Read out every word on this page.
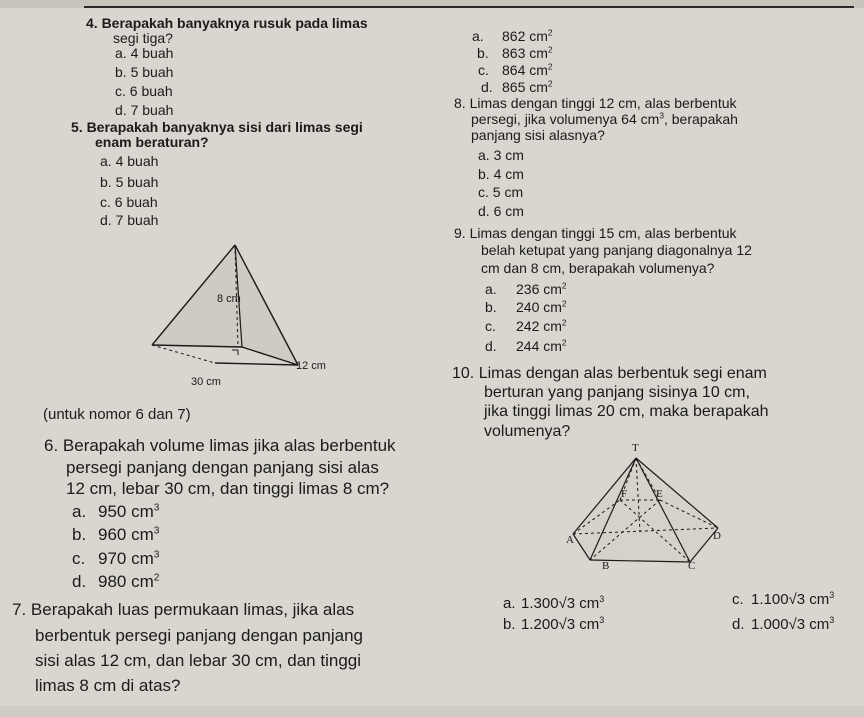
4. Berapakah banyaknya rusuk pada limas
segi tiga?
a. 4 buah
b. 5 buah
c. 6 buah
d. 7 buah
a. 862 $cm^2$
b. 863 $cm^2$
c. 864 $cm^2$
d. 865 $cm^2$
5. Berapakah banyaknya sisi dari limas segi
enam beraturan?
a. 4 buah
b. 5 buah
c. 6 buah
d. 7 buah
8. Limas dengan tinggi 12 cm, alas berbentuk
persegi, jika volumenya 64 $cm^3$, berapakah
panjang sisi alasnya?
a. 3 cm
b. 4 cm
c. 5 cm
d. 6 cm
9. Limas dengan tinggi 15 cm, alas berbentuk
belah ketupat yang panjang diagonalnya 12
cm dan 8 cm, berapakah volumenya?
a. 236 $cm^2$
b. 240 $cm^2$
c. 242 $cm^2$
d. 244 $cm^2$
8 cm
12 cm
30 cm
(untuk nomor 6 dan 7)
10. Limas dengan alas berbentuk segi enam
berturan yang panjang sisinya 10 cm,
jika tinggi limas 20 cm, maka berapakah
volumenya?
T
F	E
A	D
B	C
a. 1.300√3 $cm^3$
b. 1.200√3 $cm^3$
c. 1.100√3 $cm^3$
d. 1.000√3 $cm^3$
6. Berapakah volume limas jika alas berbentuk
persegi panjang dengan panjang sisi alas
12 cm, lebar 30 cm, dan tinggi limas 8 cm?
a. 950 $cm^3$
b. 960 $cm^3$
c. 970 $cm^3$
d. 980 $cm^2$
7. Berapakah luas permukaan limas, jika alas
berbentuk persegi panjang dengan panjang
sisi alas 12 cm, dan lebar 30 cm, dan tinggi
limas 8 cm di atas?
